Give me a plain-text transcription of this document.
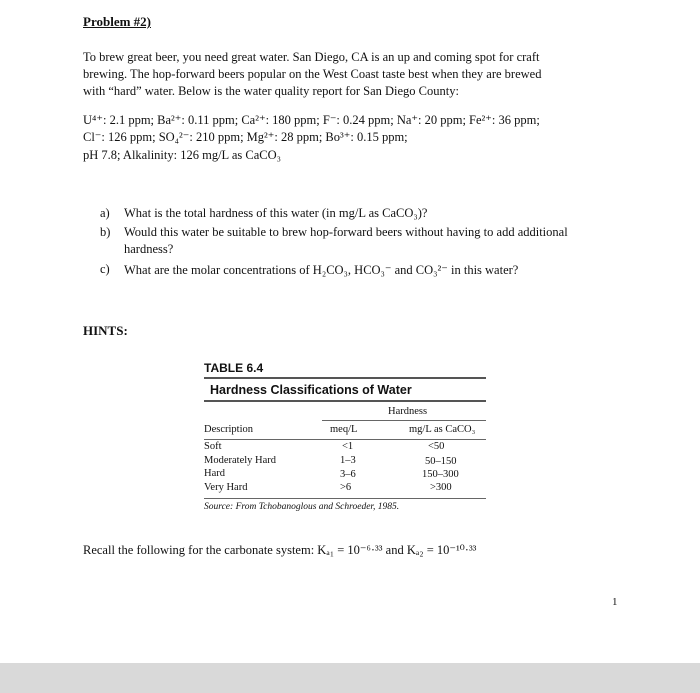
Problem #2)
To brew great beer, you need great water. San Diego, CA is an up and coming spot for craft
brewing. The hop-forward beers popular on the West Coast taste best when they are brewed
with “hard” water. Below is the water quality report for San Diego County:
U⁴⁺: 2.1 ppm; Ba²⁺: 0.11 ppm; Ca²⁺: 180 ppm; F⁻: 0.24 ppm; Na⁺: 20 ppm; Fe²⁺: 36 ppm;
Cl⁻: 126 ppm; SO₄²⁻: 210 ppm; Mg²⁺: 28 ppm; Bo³⁺: 0.15 ppm;
pH 7.8; Alkalinity: 126 mg/L as CaCO₃
a) What is the total hardness of this water (in mg/L as CaCO₃)?
b) Would this water be suitable to brew hop-forward beers without having to add additional
hardness?
c) What are the molar concentrations of H₂CO₃, HCO₃⁻ and CO₃²⁻ in this water?
HINTS:
TABLE 6.4
Hardness Classifications of Water
Hardness
Description	meq/L	mg/L as CaCO₃
Soft	<1	<50
Moderately Hard	1–3	50–150
Hard	3–6	150–300
Very Hard	>6	>300
Source: From Tchobanoglous and Schroeder, 1985.
Recall the following for the carbonate system: Kₐ₁ = 10⁻⁶·³³ and Kₐ₂ = 10⁻¹⁰·³³
1
